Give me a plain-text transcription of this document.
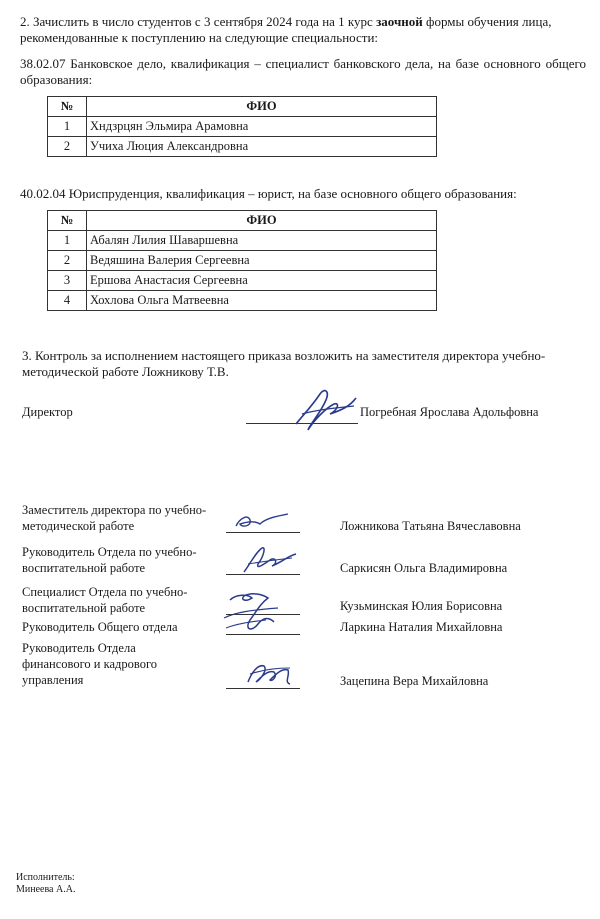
2. Зачислить в число студентов с 3 сентября 2024 года на 1 курс заочной формы обучения лица,
рекомендованные к поступлению на следующие специальности:
38.02.07 Банковское дело, квалификация – специалист банковского дела, на базе основного общего образования:
№	ФИО
1	Хндзрцян Эльмира Арамовна
2	Учиха Люция Александровна
40.02.04 Юриспруденция, квалификация – юрист, на базе основного общего образования:
№	ФИО
1	Абалян Лилия Шаваршевна
2	Ведяшина Валерия Сергеевна
3	Ершова Анастасия Сергеевна
4	Хохлова Ольга Матвеевна
3. Контроль за исполнением настоящего приказа возложить на заместителя директора учебно-
методической работе Ложникову Т.В.
Директор	Погребная Ярослава Адольфовна
Заместитель директора по учебно-
методической работе	Ложникова Татьяна Вячеславовна
Руководитель Отдела по учебно-
воспитательной работе	Саркисян Ольга Владимировна
Специалист Отдела по учебно-
воспитательной работе	Кузьминская Юлия Борисовна
Руководитель Общего отдела	Ларкина Наталия Михайловна
Руководитель Отдела
финансового и кадрового
управления	Зацепина Вера Михайловна
Исполнитель:
Минеева А.А.
